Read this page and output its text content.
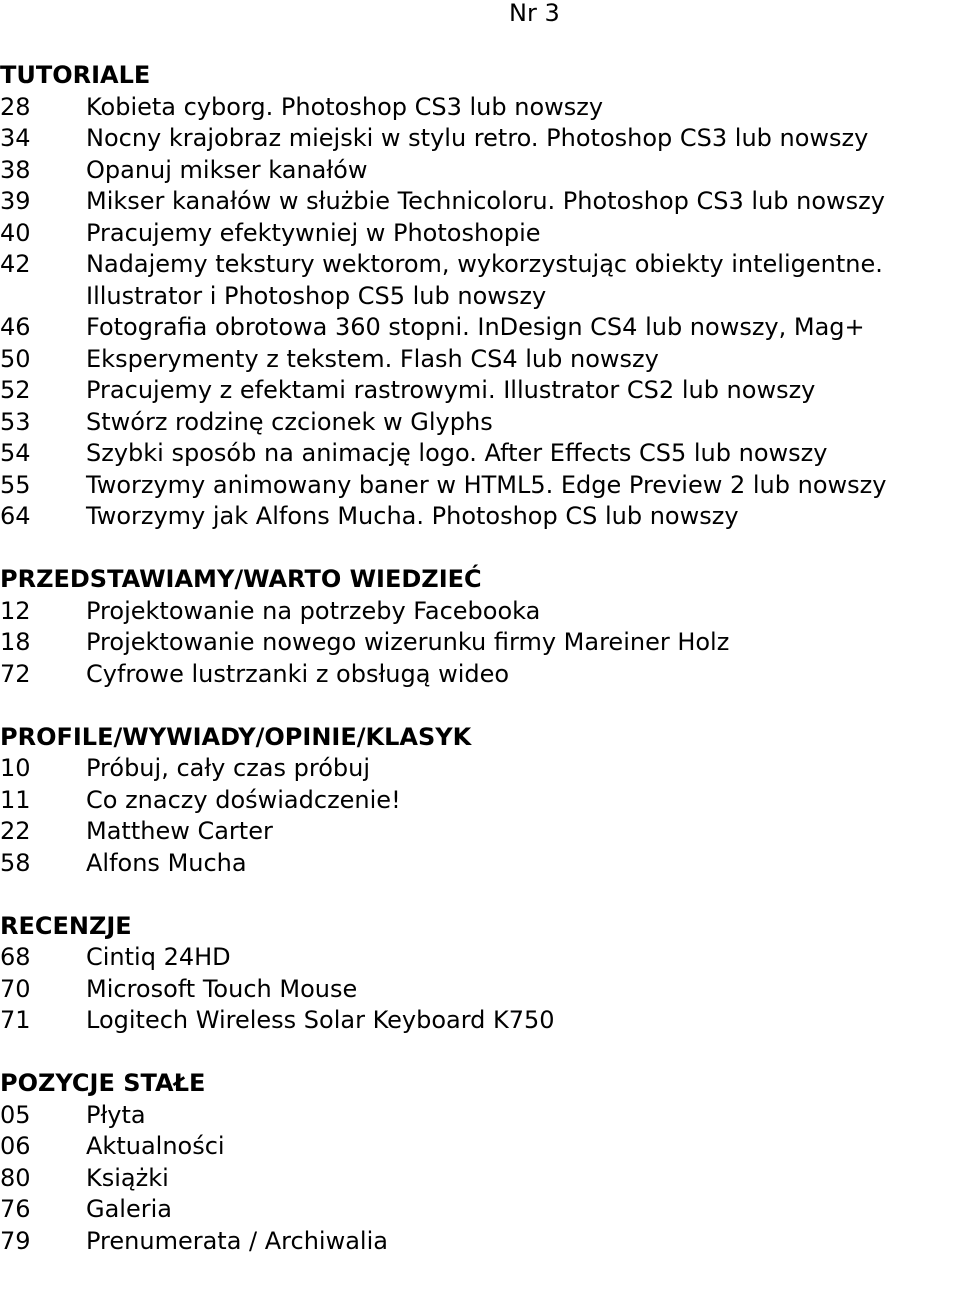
Nr 3
TUTORIALE
28	Kobieta cyborg. Photoshop CS3 lub nowszy
34	Nocny krajobraz miejski w stylu retro. Photoshop CS3 lub nowszy
38	Opanuj mikser kanałów
39	Mikser kanałów w służbie Technicoloru. Photoshop CS3 lub nowszy
40	Pracujemy efektywniej w Photoshopie
42	Nadajemy tekstury wektorom, wykorzystując obiekty inteligentne.
Illustrator i Photoshop CS5 lub nowszy
46	Fotografia obrotowa 360 stopni. InDesign CS4 lub nowszy, Mag+
50	Eksperymenty z tekstem. Flash CS4 lub nowszy
52	Pracujemy z efektami rastrowymi. Illustrator CS2 lub nowszy
53	Stwórz rodzinę czcionek w Glyphs
54	Szybki sposób na animację logo. After Effects CS5 lub nowszy
55	Tworzymy animowany baner w HTML5. Edge Preview 2 lub nowszy
64	Tworzymy jak Alfons Mucha. Photoshop CS lub nowszy
PRZEDSTAWIAMY/WARTO WIEDZIEĆ
12	Projektowanie na potrzeby Facebooka
18	Projektowanie nowego wizerunku firmy Mareiner Holz
72	Cyfrowe lustrzanki z obsługą wideo
PROFILE/WYWIADY/OPINIE/KLASYK
10	Próbuj, cały czas próbuj
11	Co znaczy doświadczenie!
22	Matthew Carter
58	Alfons Mucha
RECENZJE
68	Cintiq 24HD
70	Microsoft Touch Mouse
71	Logitech Wireless Solar Keyboard K750
POZYCJE STAŁE
05	Płyta
06	Aktualności
80	Książki
76	Galeria
79	Prenumerata / Archiwalia
